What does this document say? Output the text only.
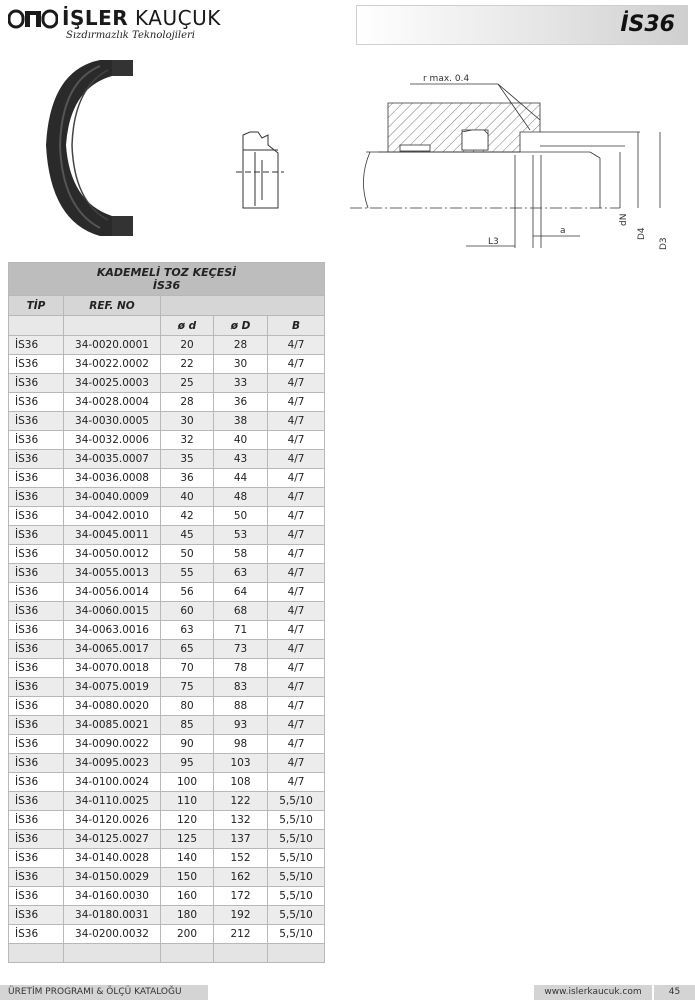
İŞLER KAUÇUK
Sızdırmazlık Teknolojileri	İS36
r max. 0.4
a
L3
dN
D4
D3
KADEMELİ TOZ KEÇESİ
İS36				
TİP	REF. NO			
		ø d	ø D	B
İS36	34-0020.0001	20	28	4/7
İS36	34-0022.0002	22	30	4/7
İS36	34-0025.0003	25	33	4/7
İS36	34-0028.0004	28	36	4/7
İS36	34-0030.0005	30	38	4/7
İS36	34-0032.0006	32	40	4/7
İS36	34-0035.0007	35	43	4/7
İS36	34-0036.0008	36	44	4/7
İS36	34-0040.0009	40	48	4/7
İS36	34-0042.0010	42	50	4/7
İS36	34-0045.0011	45	53	4/7
İS36	34-0050.0012	50	58	4/7
İS36	34-0055.0013	55	63	4/7
İS36	34-0056.0014	56	64	4/7
İS36	34-0060.0015	60	68	4/7
İS36	34-0063.0016	63	71	4/7
İS36	34-0065.0017	65	73	4/7
İS36	34-0070.0018	70	78	4/7
İS36	34-0075.0019	75	83	4/7
İS36	34-0080.0020	80	88	4/7
İS36	34-0085.0021	85	93	4/7
İS36	34-0090.0022	90	98	4/7
İS36	34-0095.0023	95	103	4/7
İS36	34-0100.0024	100	108	4/7
İS36	34-0110.0025	110	122	5,5/10
İS36	34-0120.0026	120	132	5,5/10
İS36	34-0125.0027	125	137	5,5/10
İS36	34-0140.0028	140	152	5,5/10
İS36	34-0150.0029	150	162	5,5/10
İS36	34-0160.0030	160	172	5,5/10
İS36	34-0180.0031	180	192	5,5/10
İS36	34-0200.0032	200	212	5,5/10

ÜRETİM PROGRAMI & ÖLÇÜ KATALOĞU	www.islerkaucuk.com	45
